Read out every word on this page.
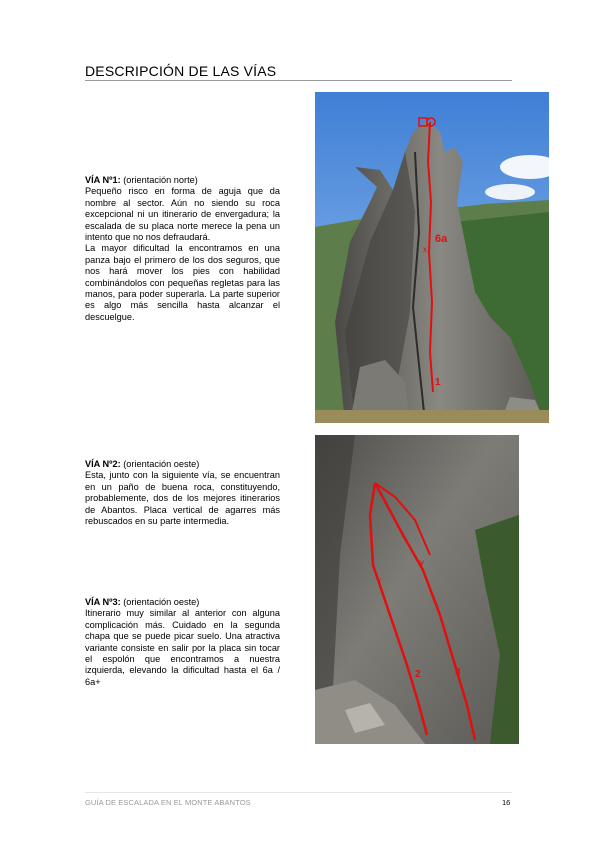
DESCRIPCIÓN DE LAS VÍAS

VÍA Nº1: (orientación norte)

Pequeño risco en forma de aguja que da nombre al sector. Aún no siendo su roca excepcional ni un itinerario de envergadura; la escalada de su placa norte merece la pena un intento que no nos defraudará.

La mayor dificultad la encontramos en una panza bajo el primero de los dos seguros, que nos hará mover los pies con habilidad combinándolos con pequeñas regletas para las manos, para poder superarla. La parte superior es algo más sencilla hasta alcanzar el descuelgue.

VÍA Nº2: (orientación oeste)

Esta, junto con la siguiente vía, se encuentran en un paño de buena roca, constituyendo, probablemente, dos de los mejores itinerarios de Abantos. Placa vertical de agarres más rebuscados en su parte intermedia.

VÍA Nº3: (orientación oeste)

Itinerario muy similar al anterior con alguna complicación más. Cuidado en la segunda chapa que se puede picar suelo. Una atractiva variante consiste en salir por la placa sin tocar el espolón que encontramos a nuestra izquierda, elevando la dificultad hasta el 6a / 6a+

6a
x
1
v
v
3
2
GUÍA DE ESCALADA EN EL MONTE ABANTOS	16
